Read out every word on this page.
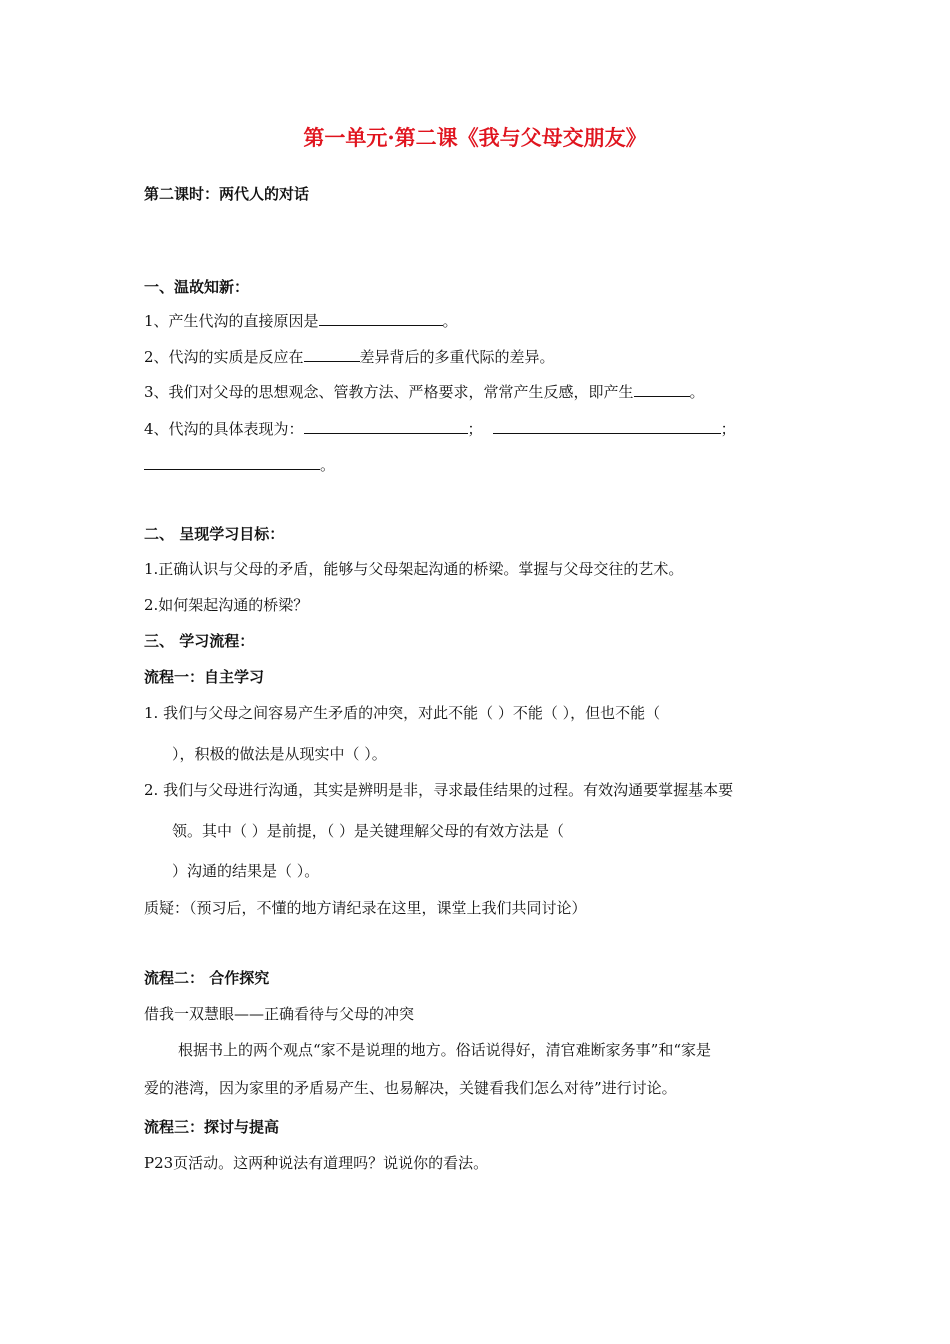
第一单元·第二课《我与父母交朋友》
第二课时：两代人的对话
一、温故知新：
1、产生代沟的直接原因是	。
2、代沟的实质是反应在	差异背后的多重代际的差异。
3、我们对父母的思想观念、管教方法、严格要求，常常产生反感，即产生	。
4、代沟的具体表现为：	；	；
。
二、 呈现学习目标：
1.正确认识与父母的矛盾，能够与父母架起沟通的桥梁。掌握与父母交往的艺术。
2.如何架起沟通的桥梁？
三、 学习流程：
流程一：自主学习
1. 我们与父母之间容易产生矛盾的冲突，对此不能（ ）不能（ ），但也不能（
），积极的做法是从现实中（ ）。
2. 我们与父母进行沟通，其实是辨明是非，寻求最佳结果的过程。有效沟通要掌握基本要
领。其中（ ）是前提，（ ）是关键理解父母的有效方法是（
）沟通的结果是（ ）。
质疑：（预习后，不懂的地方请纪录在这里，课堂上我们共同讨论）
流程二： 合作探究
借我一双慧眼——正确看待与父母的冲突
根据书上的两个观点“家不是说理的地方。俗话说得好，清官难断家务事”和“家是
爱的港湾，因为家里的矛盾易产生、也易解决，关键看我们怎么对待”进行讨论。
流程三：探讨与提高
P23页活动。这两种说法有道理吗？说说你的看法。
